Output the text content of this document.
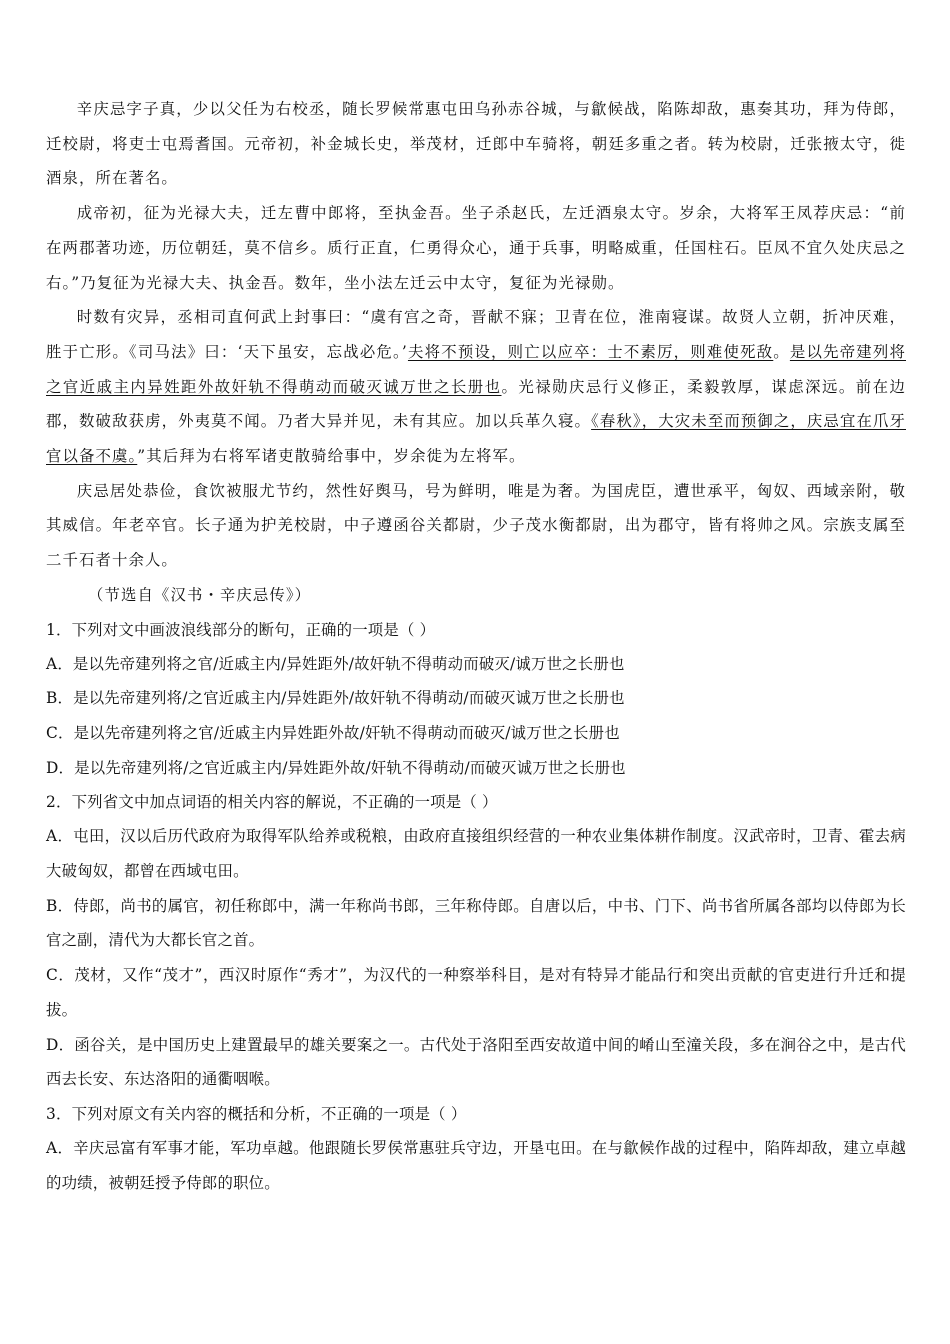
辛庆忌字子真，少以父任为右校丞，随长罗候常惠屯田乌孙赤谷城，与歙候战，陷陈却敌，惠奏其功，拜为侍郎，迁校尉，将吏士屯焉耆国。元帝初，补金城长史，举茂材，迁郎中车骑将，朝廷多重之者。转为校尉，迁张掖太守，徙酒泉，所在著名。

成帝初，征为光禄大夫，迁左曹中郎将，至执金吾。坐子杀赵氏，左迁酒泉太守。岁余，大将军王凤荐庆忌：“前在两郡著功迹，历位朝廷，莫不信乡。质行正直，仁勇得众心，通于兵事，明略威重，任国柱石。臣凤不宜久处庆忌之右。”乃复征为光禄大夫、执金吾。数年，坐小法左迁云中太守，复征为光禄勋。

时数有灾异，丞相司直何武上封事曰：“虞有宫之奇，晋献不寐；卫青在位，淮南寝谋。故贤人立朝，折冲厌难，胜于亡形。《司马法》曰：‘天下虽安，忘战必危。’夫将不预设，则亡以应卒：士不素厉，则难使死敌。是以先帝建列将之官近戚主内异姓距外故奸轨不得萌动而破灭诚万世之长册也。光禄勋庆忌行义修正，柔毅敦厚，谋虑深远。前在边郡，数破敌获虏，外夷莫不闻。乃者大异并见，未有其应。加以兵革久寝。《春秋》，大灾未至而预御之，庆忌宜在爪牙官以备不虞。”其后拜为右将军诸吏散骑给事中，岁余徙为左将军。

庆忌居处恭俭，食饮被服尤节约，然性好舆马，号为鲜明，唯是为奢。为国虎臣，遭世承平，匈奴、西域亲附，敬其威信。年老卒官。长子通为护羌校尉，中子遵函谷关都尉，少子茂水衡都尉，出为郡守，皆有将帅之风。宗族支属至二千石者十余人。

（节选自《汉书・辛庆忌传》）

1．下列对文中画波浪线部分的断句，正确的一项是（ ）

A．是以先帝建列将之官/近戚主内/异姓距外/故奸轨不得萌动而破灭/诚万世之长册也

B．是以先帝建列将/之官近戚主内/异姓距外/故奸轨不得萌动/而破灭诚万世之长册也

C．是以先帝建列将之官/近戚主内异姓距外故/奸轨不得萌动而破灭/诚万世之长册也

D．是以先帝建列将/之官近戚主内/异姓距外故/奸轨不得萌动/而破灭诚万世之长册也

2．下列省文中加点词语的相关内容的解说，不正确的一项是（ ）

A．屯田，汉以后历代政府为取得军队给养或税粮，由政府直接组织经营的一种农业集体耕作制度。汉武帝时，卫青、霍去病大破匈奴，都曾在西域屯田。

B．侍郎，尚书的属官，初任称郎中，满一年称尚书郎，三年称侍郎。自唐以后，中书、门下、尚书省所属各部均以侍郎为长官之副，清代为大都长官之首。

C．茂材，又作“茂才”，西汉时原作“秀才”，为汉代的一种察举科目，是对有特异才能品行和突出贡献的官吏进行升迁和提拔。

D．函谷关，是中国历史上建置最早的雄关要案之一。古代处于洛阳至西安故道中间的崤山至潼关段，多在涧谷之中，是古代西去长安、东达洛阳的通衢咽喉。

3．下列对原文有关内容的概括和分析，不正确的一项是（ ）

A．辛庆忌富有军事才能，军功卓越。他跟随长罗侯常惠驻兵守边，开垦屯田。在与歙候作战的过程中，陷阵却敌，建立卓越的功绩，被朝廷授予侍郎的职位。
